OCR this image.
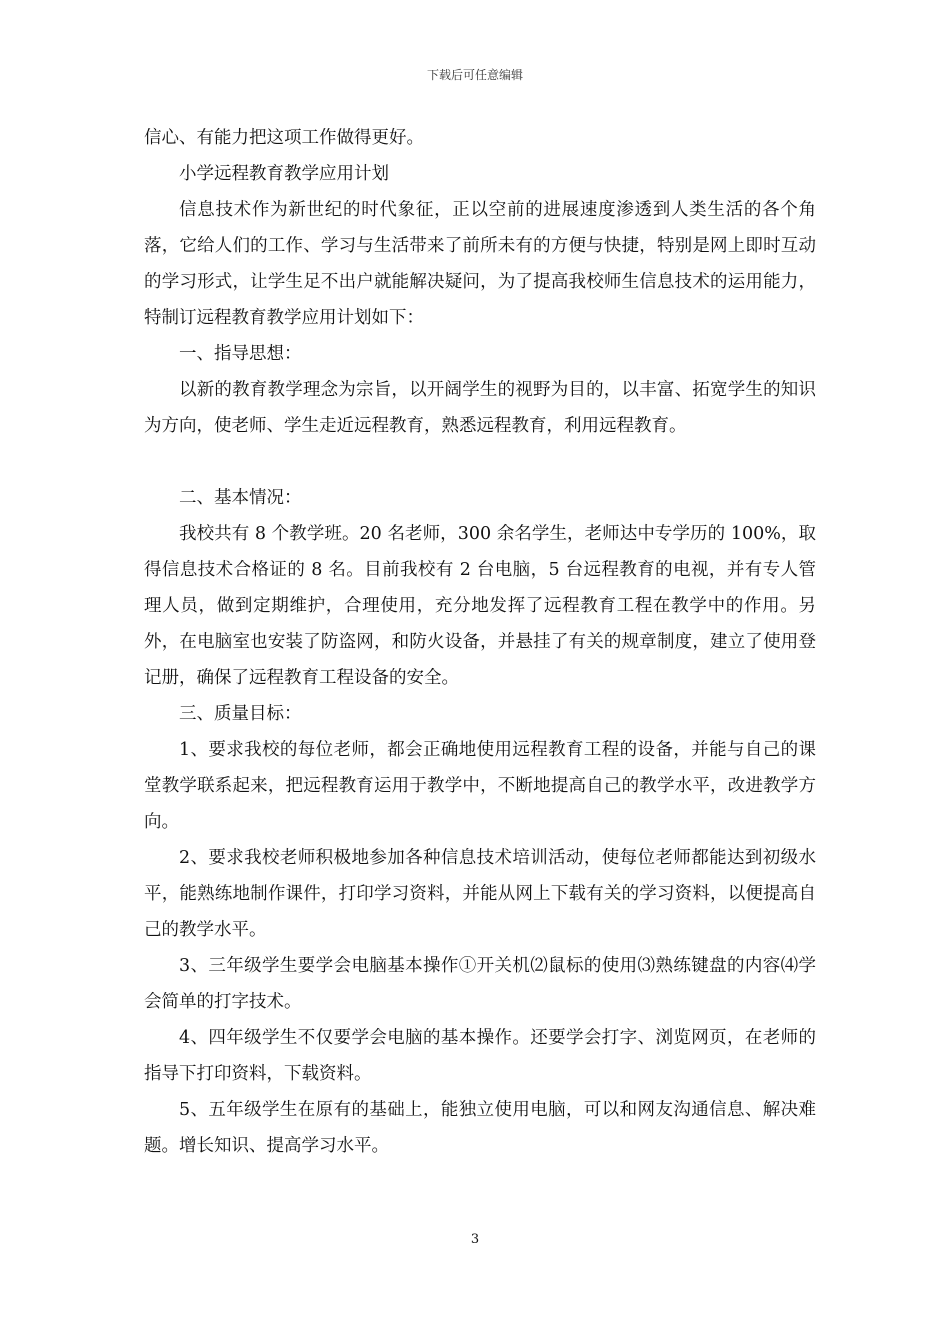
下载后可任意编辑

信心、有能力把这项工作做得更好。

小学远程教育教学应用计划

信息技术作为新世纪的时代象征，正以空前的进展速度渗透到人类生活的各个角落，它给人们的工作、学习与生活带来了前所未有的方便与快捷，特别是网上即时互动的学习形式，让学生足不出户就能解决疑问，为了提高我校师生信息技术的运用能力，特制订远程教育教学应用计划如下：

一、指导思想：

以新的教育教学理念为宗旨，以开阔学生的视野为目的，以丰富、拓宽学生的知识为方向，使老师、学生走近远程教育，熟悉远程教育，利用远程教育。

二、基本情况：

我校共有 8 个教学班。20 名老师，300 余名学生，老师达中专学历的 100%，取得信息技术合格证的 8 名。目前我校有 2 台电脑，5 台远程教育的电视，并有专人管理人员，做到定期维护，合理使用，充分地发挥了远程教育工程在教学中的作用。另外，在电脑室也安装了防盗网，和防火设备，并悬挂了有关的规章制度，建立了使用登记册，确保了远程教育工程设备的安全。

三、质量目标：

1、要求我校的每位老师，都会正确地使用远程教育工程的设备，并能与自己的课堂教学联系起来，把远程教育运用于教学中，不断地提高自己的教学水平，改进教学方向。

2、要求我校老师积极地参加各种信息技术培训活动，使每位老师都能达到初级水平，能熟练地制作课件，打印学习资料，并能从网上下载有关的学习资料，以便提高自己的教学水平。

3、三年级学生要学会电脑基本操作①开关机⑵鼠标的使用⑶熟练键盘的内容⑷学会简单的打字技术。

4、四年级学生不仅要学会电脑的基本操作。还要学会打字、浏览网页，在老师的指导下打印资料，下载资料。

5、五年级学生在原有的基础上，能独立使用电脑，可以和网友沟通信息、解决难题。增长知识、提高学习水平。

3
